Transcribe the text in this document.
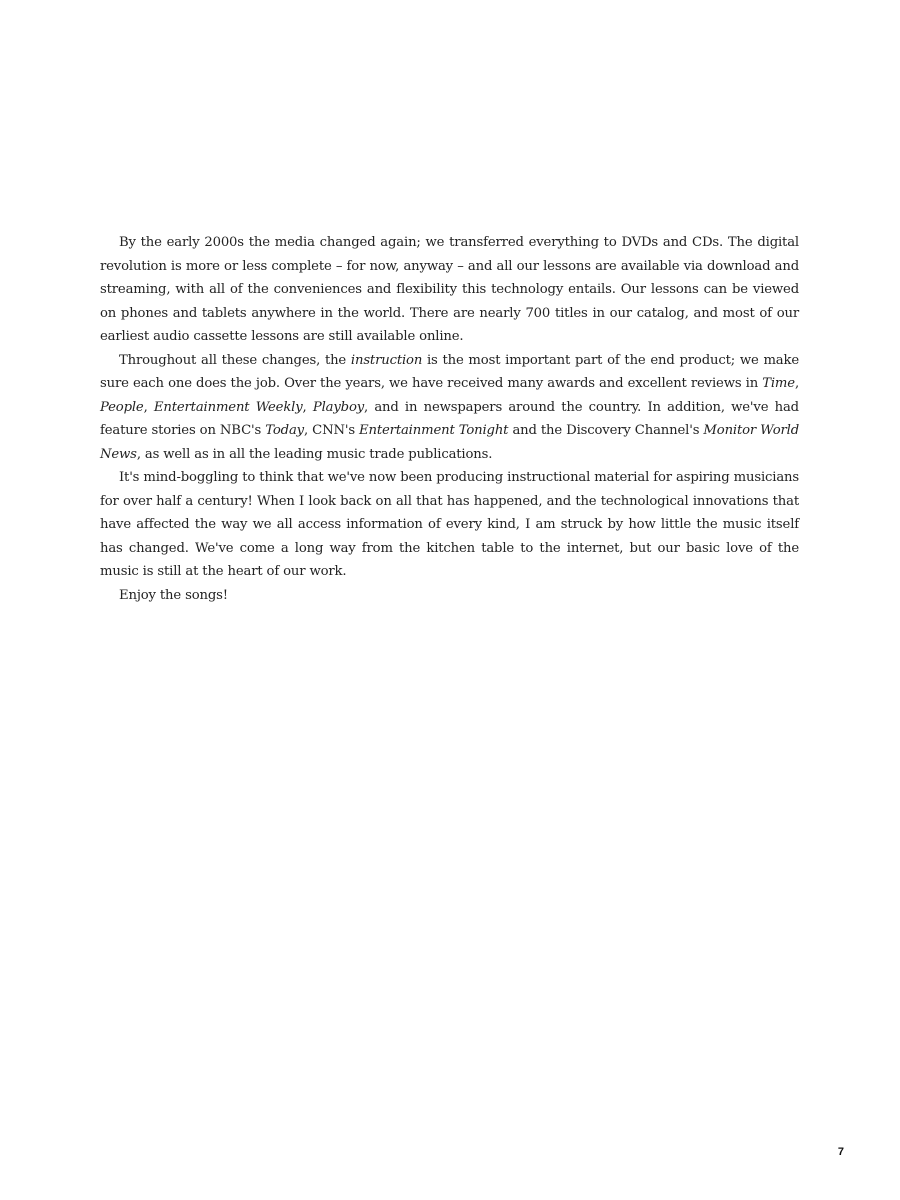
By the early 2000s the media changed again; we transferred everything to DVDs and CDs. The digital revolution is more or less complete – for now, anyway – and all our lessons are available via download and streaming, with all of the conveniences and flexibility this technology entails. Our lessons can be viewed on phones and tablets anywhere in the world. There are nearly 700 titles in our catalog, and most of our earliest audio cassette lessons are still available online.

Throughout all these changes, the instruction is the most important part of the end product; we make sure each one does the job. Over the years, we have received many awards and excellent reviews in Time, People, Entertainment Weekly, Playboy, and in newspapers around the country. In addition, we've had feature stories on NBC's Today, CNN's Entertainment Tonight and the Discovery Channel's Monitor World News, as well as in all the leading music trade publications.

It's mind-boggling to think that we've now been producing instructional material for aspiring musicians for over half a century! When I look back on all that has happened, and the technological innovations that have affected the way we all access information of every kind, I am struck by how little the music itself has changed. We've come a long way from the kitchen table to the internet, but our basic love of the music is still at the heart of our work.

Enjoy the songs!

7
